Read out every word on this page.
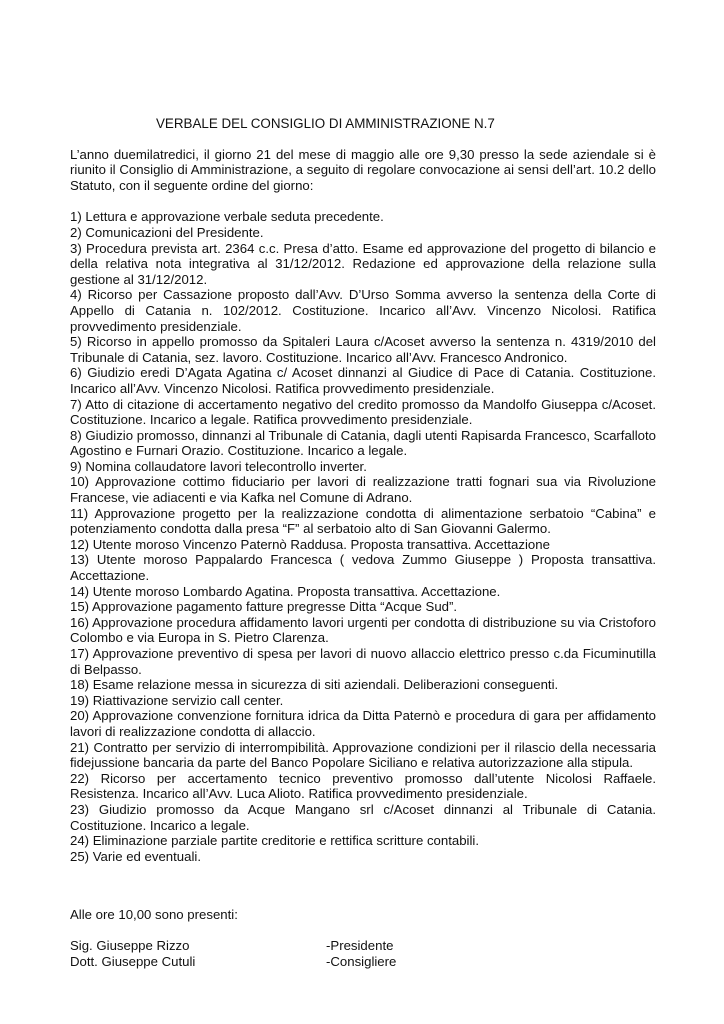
VERBALE DEL CONSIGLIO DI AMMINISTRAZIONE N.7
L’anno duemilatredici, il giorno 21 del mese di maggio alle ore 9,30 presso la sede aziendale si è riunito il Consiglio di Amministrazione, a seguito di regolare convocazione ai sensi dell’art. 10.2 dello Statuto, con il seguente ordine del giorno:
1) Lettura e approvazione verbale seduta precedente.
2) Comunicazioni del Presidente.
3) Procedura prevista art. 2364 c.c. Presa d’atto. Esame ed approvazione del progetto di bilancio e della relativa nota integrativa al 31/12/2012. Redazione ed approvazione della relazione sulla gestione al 31/12/2012.
4) Ricorso per Cassazione proposto dall’Avv. D’Urso Somma avverso la sentenza della Corte di Appello di Catania n. 102/2012. Costituzione. Incarico all’Avv. Vincenzo Nicolosi. Ratifica provvedimento presidenziale.
5) Ricorso in appello promosso da Spitaleri Laura c/Acoset avverso la sentenza n. 4319/2010 del Tribunale di Catania, sez. lavoro. Costituzione. Incarico all’Avv. Francesco Andronico.
6) Giudizio eredi D’Agata Agatina c/ Acoset dinnanzi al Giudice di Pace di Catania. Costituzione. Incarico all’Avv. Vincenzo Nicolosi. Ratifica provvedimento presidenziale.
7) Atto di citazione di accertamento negativo del credito promosso da Mandolfo Giuseppa c/Acoset. Costituzione. Incarico a legale. Ratifica provvedimento presidenziale.
8) Giudizio promosso, dinnanzi al Tribunale di Catania, dagli utenti Rapisarda Francesco, Scarfalloto Agostino e Furnari Orazio. Costituzione. Incarico a legale.
9) Nomina collaudatore lavori telecontrollo inverter.
10) Approvazione cottimo fiduciario per lavori di realizzazione tratti fognari sua via Rivoluzione Francese, vie adiacenti e via Kafka nel Comune di Adrano.
11) Approvazione progetto per la realizzazione condotta di alimentazione serbatoio “Cabina” e potenziamento condotta dalla presa “F” al serbatoio alto di San Giovanni Galermo.
12) Utente moroso Vincenzo Paternò Raddusa. Proposta transattiva. Accettazione
13) Utente moroso Pappalardo Francesca ( vedova Zummo Giuseppe ) Proposta transattiva. Accettazione.
14) Utente moroso Lombardo Agatina. Proposta transattiva. Accettazione.
15) Approvazione pagamento fatture pregresse Ditta “Acque Sud”.
16) Approvazione procedura affidamento lavori urgenti per condotta di distribuzione su via Cristoforo Colombo e via Europa in S. Pietro Clarenza.
17) Approvazione preventivo di spesa per lavori di nuovo allaccio elettrico presso c.da Ficuminutilla di Belpasso.
18) Esame relazione messa in sicurezza di siti aziendali. Deliberazioni conseguenti.
19) Riattivazione servizio call center.
20) Approvazione convenzione fornitura idrica da Ditta Paternò e procedura di gara per affidamento lavori di realizzazione condotta di allaccio.
21) Contratto per servizio di interrompibilità. Approvazione condizioni per il rilascio della necessaria fidejussione bancaria da parte del Banco Popolare Siciliano e relativa autorizzazione alla stipula.
22) Ricorso per accertamento tecnico preventivo promosso dall’utente Nicolosi Raffaele. Resistenza. Incarico all’Avv. Luca Alioto. Ratifica provvedimento presidenziale.
23) Giudizio promosso da Acque Mangano srl c/Acoset dinnanzi al Tribunale di Catania. Costituzione. Incarico a legale.
24) Eliminazione parziale partite creditorie e rettifica scritture contabili.
25) Varie ed eventuali.
Alle ore 10,00 sono presenti:
Sig. Giuseppe Rizzo	-Presidente
Dott. Giuseppe Cutuli	-Consigliere
